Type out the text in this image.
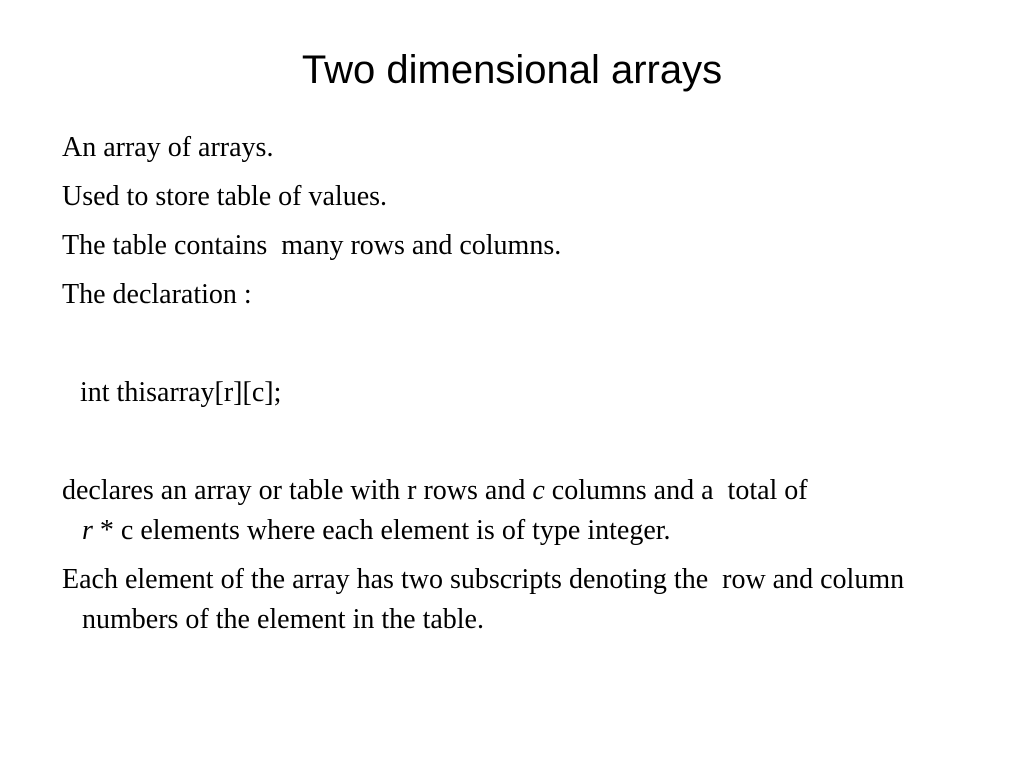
Two dimensional arrays

An array of arrays.

Used to store table of values.

The table contains  many rows and columns.

The declaration :

int thisarray[r][c];

declares an array or table with r rows and c columns and a  total of
r * c elements where each element is of type integer.

Each element of the array has two subscripts denoting the  row and column numbers of the element in the table.
